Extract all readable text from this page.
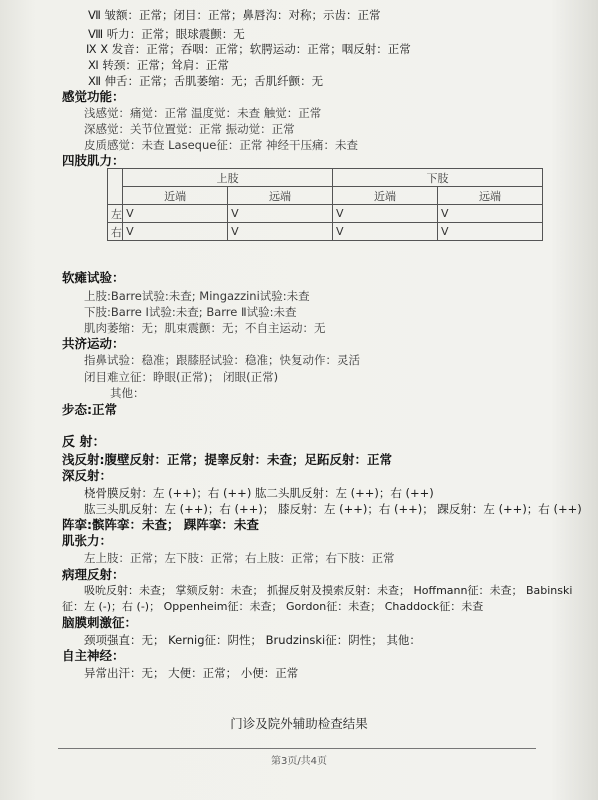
Ⅶ 皱额：正常；闭目：正常；鼻唇沟：对称；示齿：正常
Ⅷ 听力：正常；眼球震颤：无
Ⅸ Ⅹ 发音：正常；吞咽：正常；软腭运动：正常；咽反射：正常
Ⅺ 转颈：正常；耸肩：正常
Ⅻ 伸舌：正常；舌肌萎缩：无；舌肌纤颤：无
感觉功能：
浅感觉：痛觉：正常 温度觉：未查 触觉：正常
深感觉：关节位置觉：正常 振动觉：正常
皮质感觉：未查 Laseque征：正常 神经干压痛：未查
四肢肌力：
	上肢		下肢	
	近端	远端	近端	远端
左	V	V	V	V
右	V	V	V	V
软瘫试验：
上肢:Barre试验:未查; Mingazzini试验:未查
下肢:Barre Ⅰ试验:未查; Barre Ⅱ试验:未查
肌肉萎缩：无；肌束震颤：无；不自主运动：无
共济运动：
指鼻试验：稳准；跟膝胫试验：稳准；快复动作：灵活
闭目难立征：睁眼(正常)； 闭眼(正常)
其他：
步态:正常
反 射：
浅反射:腹壁反射：正常；提睾反射：未查；足跖反射：正常
深反射：
桡骨膜反射：左 (++)；右 (++) 肱二头肌反射：左 (++)；右 (++)
肱三头肌反射：左 (++)；右 (++)； 膝反射：左 (++)；右 (++)； 踝反射：左 (++)；右 (++)
阵挛:髌阵挛：未查； 踝阵挛：未查
肌张力：
左上肢：正常；左下肢：正常；右上肢：正常；右下肢：正常
病理反射：
吸吮反射：未查； 掌颏反射：未查； 抓握反射及摸索反射：未查； Hoffmann征：未查； Babinski
征：左 (-)；右 (-)； Oppenheim征：未查； Gordon征：未查； Chaddock征：未查
脑膜刺激征：
颈项强直：无； Kernig征：阴性； Brudzinski征：阴性； 其他：
自主神经：
异常出汗：无； 大便：正常； 小便：正常
门诊及院外辅助检查结果
第3页/共4页
